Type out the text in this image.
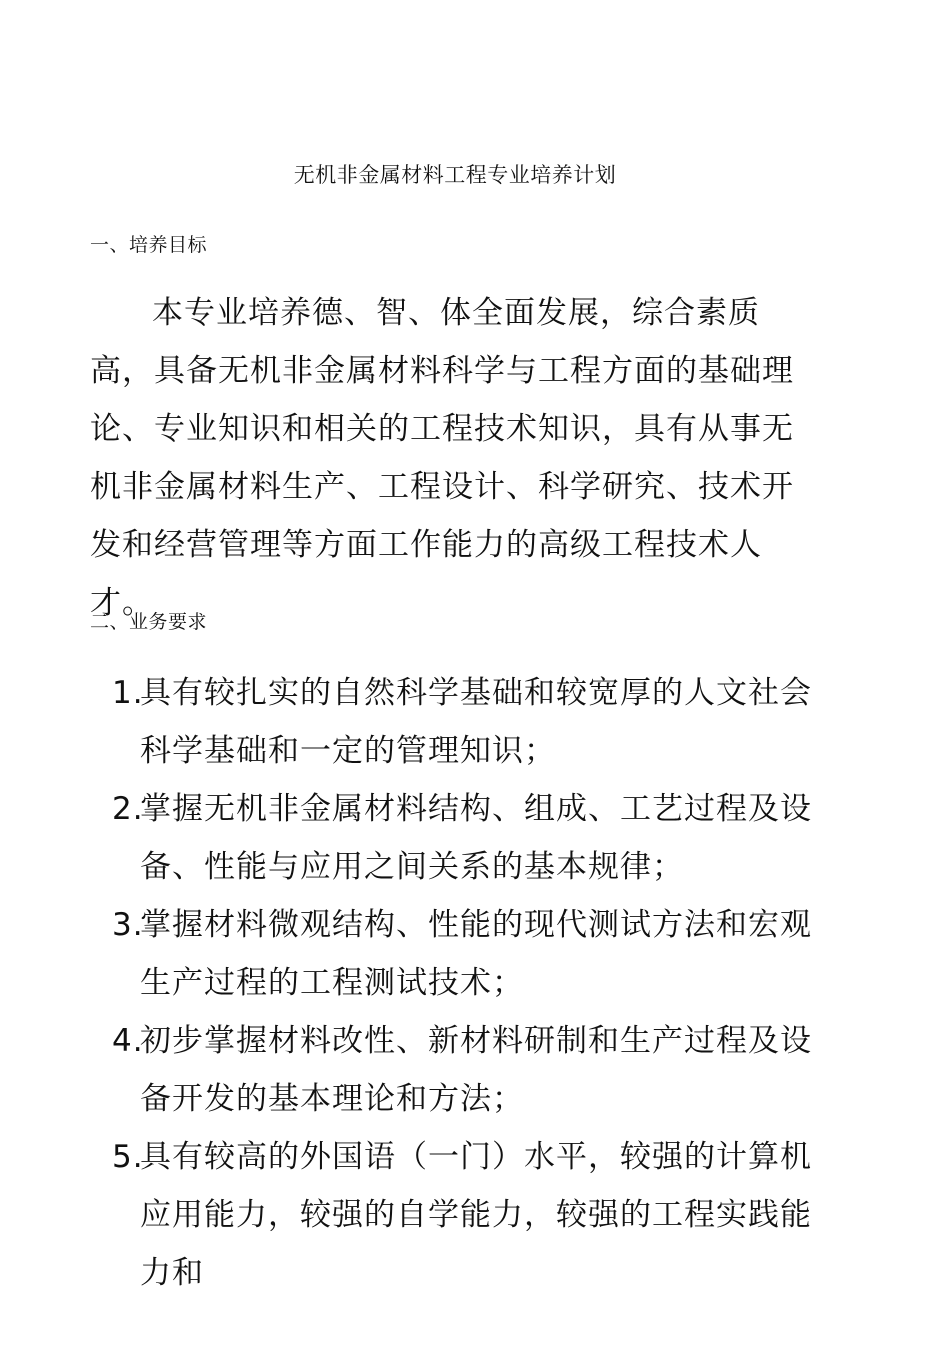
无机非金属材料工程专业培养计划
一、培养目标
本专业培养德、智、体全面发展，综合素质高，具备无机非金属材料科学与工程方面的基础理论、专业知识和相关的工程技术知识，具有从事无机非金属材料生产、工程设计、科学研究、技术开发和经营管理等方面工作能力的高级工程技术人才。
二、业务要求
1.
具有较扎实的自然科学基础和较宽厚的人文社会科学基础和一定的管理知识；
2.
掌握无机非金属材料结构、组成、工艺过程及设备、性能与应用之间关系的基本规律；
3.
掌握材料微观结构、性能的现代测试方法和宏观生产过程的工程测试技术；
4.
初步掌握材料改性、新材料研制和生产过程及设备开发的基本理论和方法；
5.
具有较高的外国语（一门）水平，较强的计算机应用能力，较强的自学能力，较强的工程实践能力和
